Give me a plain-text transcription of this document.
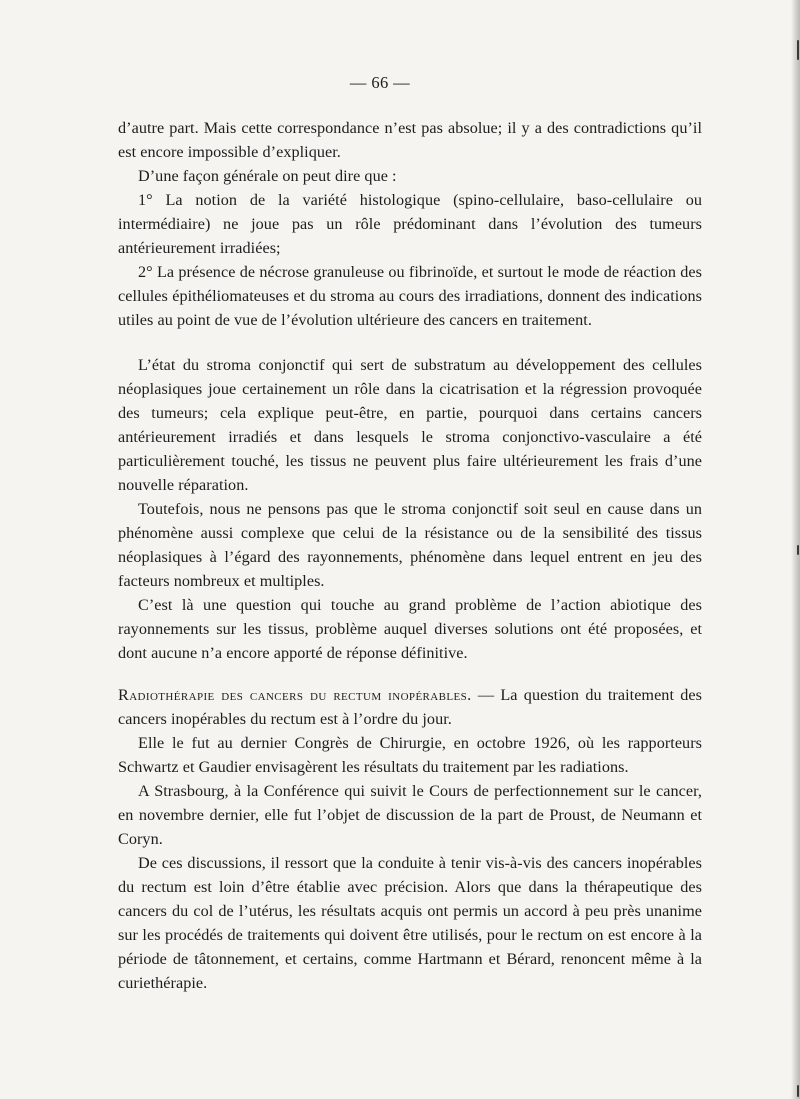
— 66 —

d’autre part. Mais cette correspondance n’est pas absolue; il y a des contradictions qu’il est encore impossible d’expliquer.

D’une façon générale on peut dire que :

1° La notion de la variété histologique (spino-cellulaire, baso-cellulaire ou intermédiaire) ne joue pas un rôle prédominant dans l’évolution des tumeurs antérieurement irradiées;

2° La présence de nécrose granuleuse ou fibrinoïde, et surtout le mode de réaction des cellules épithéliomateuses et du stroma au cours des irradiations, donnent des indications utiles au point de vue de l’évolution ultérieure des cancers en traitement.

L’état du stroma conjonctif qui sert de substratum au développement des cellules néoplasiques joue certainement un rôle dans la cicatrisation et la régression provoquée des tumeurs; cela explique peut-être, en partie, pourquoi dans certains cancers antérieurement irradiés et dans lesquels le stroma conjonctivo-vasculaire a été particulièrement touché, les tissus ne peuvent plus faire ultérieurement les frais d’une nouvelle réparation.

Toutefois, nous ne pensons pas que le stroma conjonctif soit seul en cause dans un phénomène aussi complexe que celui de la résistance ou de la sensibilité des tissus néoplasiques à l’égard des rayonnements, phénomène dans lequel entrent en jeu des facteurs nombreux et multiples.

C’est là une question qui touche au grand problème de l’action abiotique des rayonnements sur les tissus, problème auquel diverses solutions ont été proposées, et dont aucune n’a encore apporté de réponse définitive.

Radiothérapie des cancers du rectum inopérables. — La question du traitement des cancers inopérables du rectum est à l’ordre du jour.

Elle le fut au dernier Congrès de Chirurgie, en octobre 1926, où les rapporteurs Schwartz et Gaudier envisagèrent les résultats du traitement par les radiations.

A Strasbourg, à la Conférence qui suivit le Cours de perfectionnement sur le cancer, en novembre dernier, elle fut l’objet de discussion de la part de Proust, de Neumann et Coryn.

De ces discussions, il ressort que la conduite à tenir vis-à-vis des cancers inopérables du rectum est loin d’être établie avec précision. Alors que dans la thérapeutique des cancers du col de l’utérus, les résultats acquis ont permis un accord à peu près unanime sur les procédés de traitements qui doivent être utilisés, pour le rectum on est encore à la période de tâtonnement, et certains, comme Hartmann et Bérard, renoncent même à la curiethérapie.
